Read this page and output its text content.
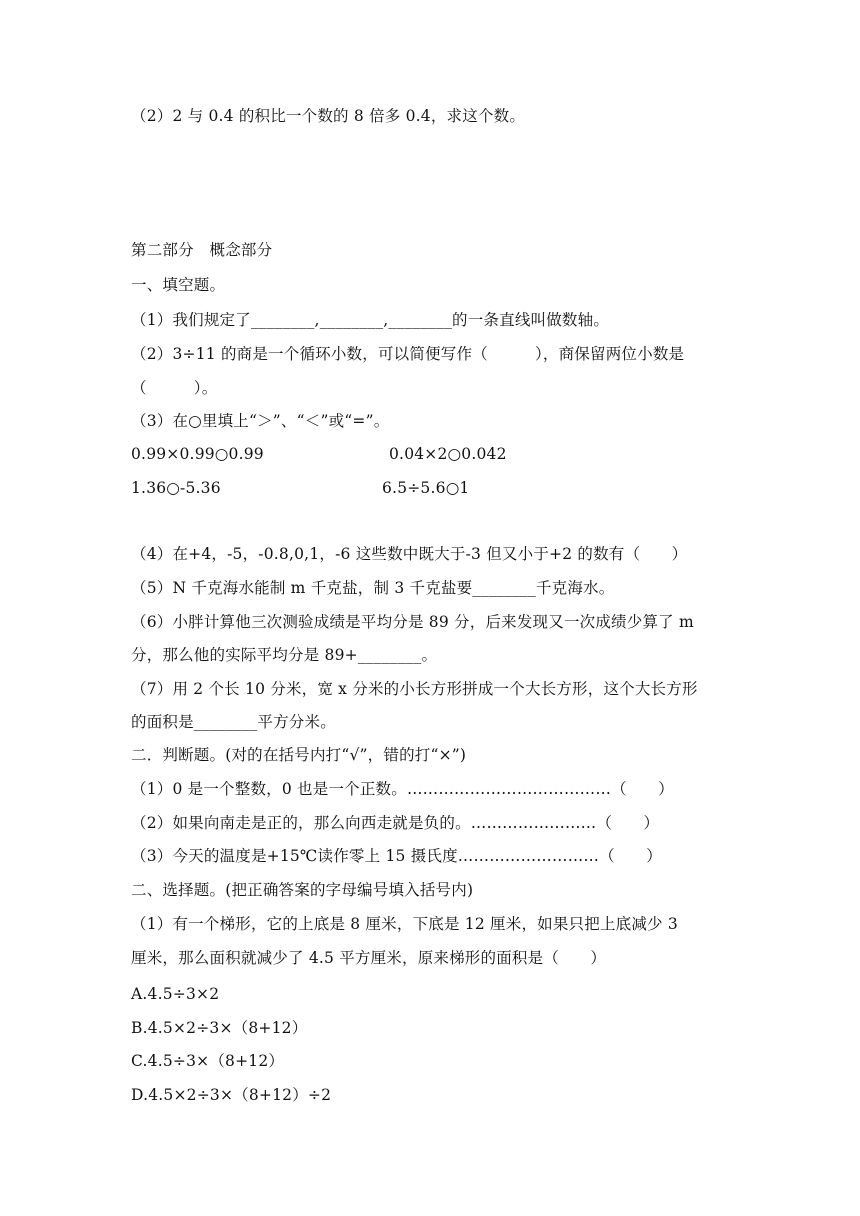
（2）2 与 0.4 的积比一个数的 8 倍多 0.4，求这个数。
第二部分　概念部分
一、填空题。
（1）我们规定了________,________,________的一条直线叫做数轴。
（2）3÷11 的商是一个循环小数，可以简便写作（　　　），商保留两位小数是
（　　　）。
（3）在○里填上“＞”、“＜”或“=”。
0.99×0.99○0.99	0.04×2○0.042
1.36○-5.36	6.5÷5.6○1
（4）在+4，-5，-0.8,0,1，-6 这些数中既大于-3 但又小于+2 的数有（　　）
（5）N 千克海水能制 m 千克盐，制 3 千克盐要________千克海水。
（6）小胖计算他三次测验成绩是平均分是 89 分，后来发现又一次成绩少算了 m
分，那么他的实际平均分是 89+________。
（7）用 2 个长 10 分米，宽 x 分米的小长方形拼成一个大长方形，这个大长方形
的面积是________平方分米。
二．判断题。(对的在括号内打“√”，错的打“×”)
（1）0 是一个整数，0 也是一个正数。…………………………………（　　）
（2）如果向南走是正的，那么向西走就是负的。……………………（　　）
（3）今天的温度是+15℃读作零上 15 摄氏度………………………（　　）
二、选择题。(把正确答案的字母编号填入括号内)
（1）有一个梯形，它的上底是 8 厘米，下底是 12 厘米，如果只把上底减少 3
厘米，那么面积就减少了 4.5 平方厘米，原来梯形的面积是（　　）
A.4.5÷3×2
B.4.5×2÷3×（8+12）
C.4.5÷3×（8+12）
D.4.5×2÷3×（8+12）÷2
